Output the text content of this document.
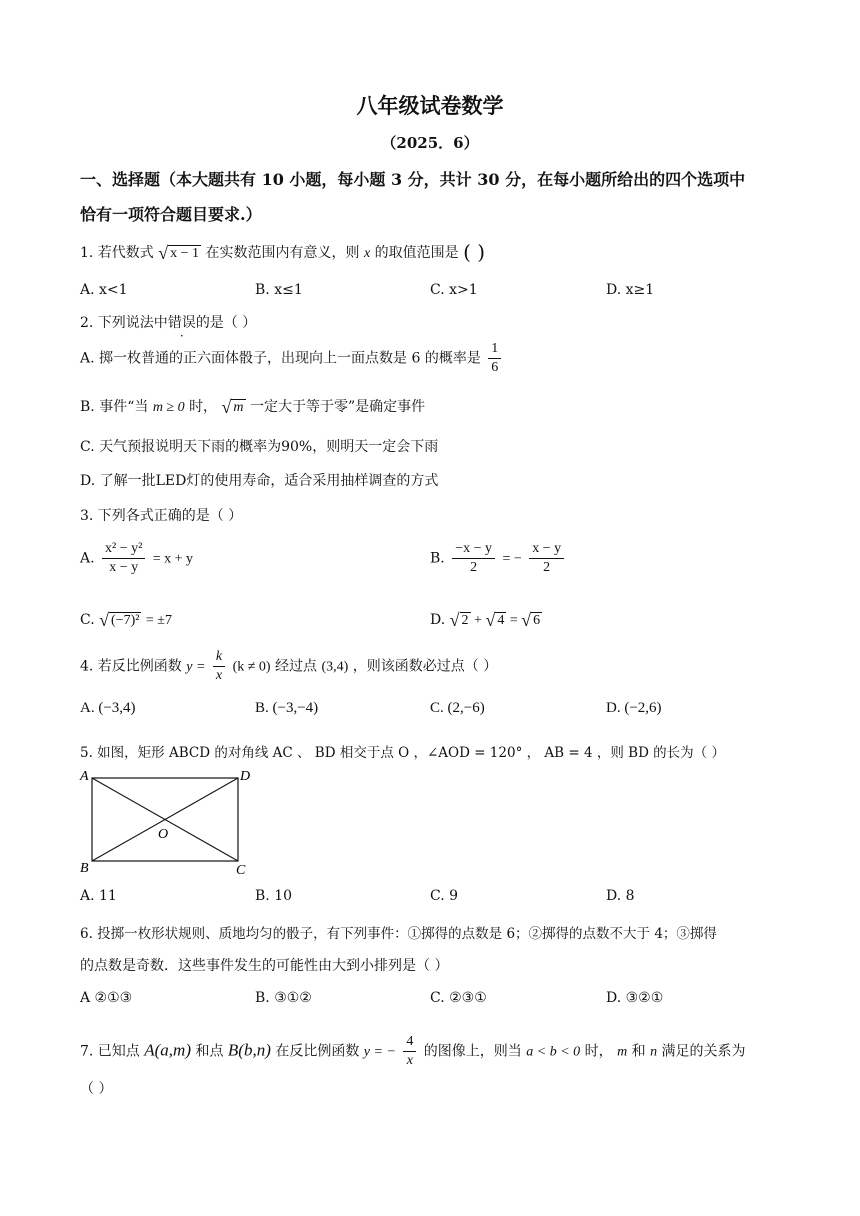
八年级试卷数学
（2025．6）
一、选择题（本大题共有 10 小题，每小题 3 分，共计 30 分，在每小题所给出的四个选项中
恰有一项符合题目要求.）
1. 若代数式 √ x − 1 在实数范围内有意义，则 x 的取值范围是 ( )
A. x<1	B. x≤1	C. x>1	D. x≥1
2. 下列说法中错误的是（ ）
A. 掷一枚普通的正六面体骰子，出现向上一面点数是 6 的概率是 $\frac{1}{6}$
B. 事件“当 m ≥ 0 时， √ m 一定大于等于零”是确定事件
C. 天气预报说明天下雨的概率为90%，则明天一定会下雨
D. 了解一批LED灯的使用寿命，适合采用抽样调查的方式
3. 下列各式正确的是（ ）
A. $\frac{\text{x² − y²}}{x - y} = x + y$	B. $\frac{-x - y}{2}$ = − $\frac{x - y}{2}$
C. √ (−7)² = ±7	D. √ 2 + √ 4 = √ 6
4. 若反比例函数 $y = \frac{k}{x} (k \ne 0)$ 经过点 (3,4) ，则该函数必过点（ ）
A. (−3,4)	B. (−3,−4)	C. (2,−6)	D. (−2,6)
5. 如图，矩形 ABCD 的对角线 AC 、 BD 相交于点 O ，∠AOD = 120° ， AB = 4 ，则 BD 的长为（ ）
A	D
O
B	C
A. 11	B. 10	C. 9	D. 8
6. 投掷一枚形状规则、质地均匀的骰子，有下列事件：①掷得的点数是 6；②掷得的点数不大于 4；③掷得
的点数是奇数．这些事件发生的可能性由大到小排列是（ ）
A ②①③	B. ③①②	C. ②③①	D. ③②①
7. 已知点 A(a,m) 和点 B(b,n) 在反比例函数 y = − $\frac{4}{x}$ 的图像上，则当 a < b < 0 时， m 和 n 满足的关系为
（ ）
